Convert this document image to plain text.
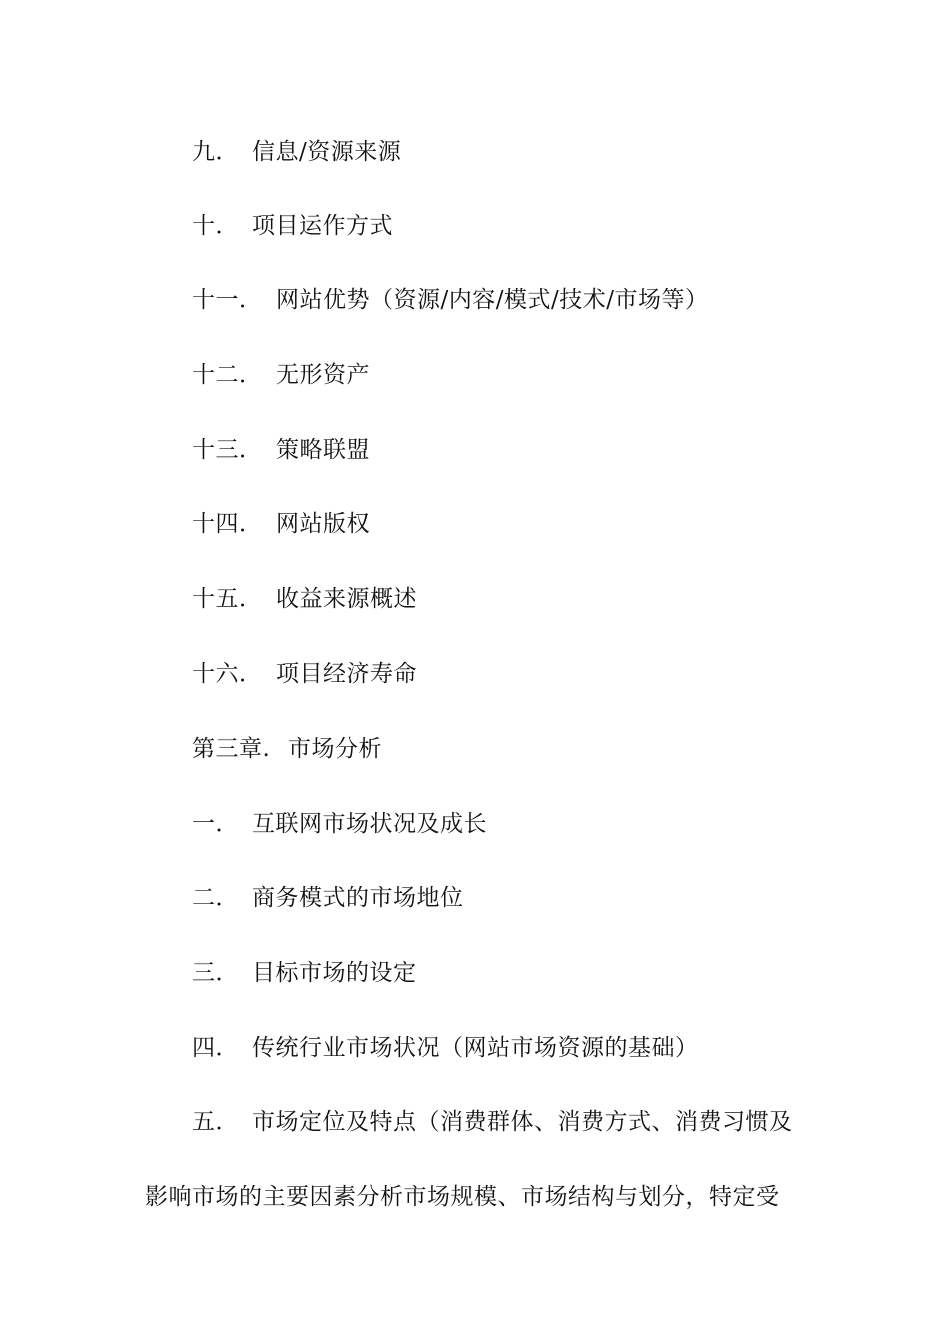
九． 信息/资源来源
十． 项目运作方式
十一． 网站优势（资源/内容/模式/技术/市场等）
十二． 无形资产
十三． 策略联盟
十四． 网站版权
十五． 收益来源概述
十六． 项目经济寿命
第三章. 市场分析
一． 互联网市场状况及成长
二． 商务模式的市场地位
三． 目标市场的设定
四． 传统行业市场状况（网站市场资源的基础）
五． 市场定位及特点（消费群体、消费方式、消费习惯及
影响市场的主要因素分析市场规模、市场结构与划分，特定受
